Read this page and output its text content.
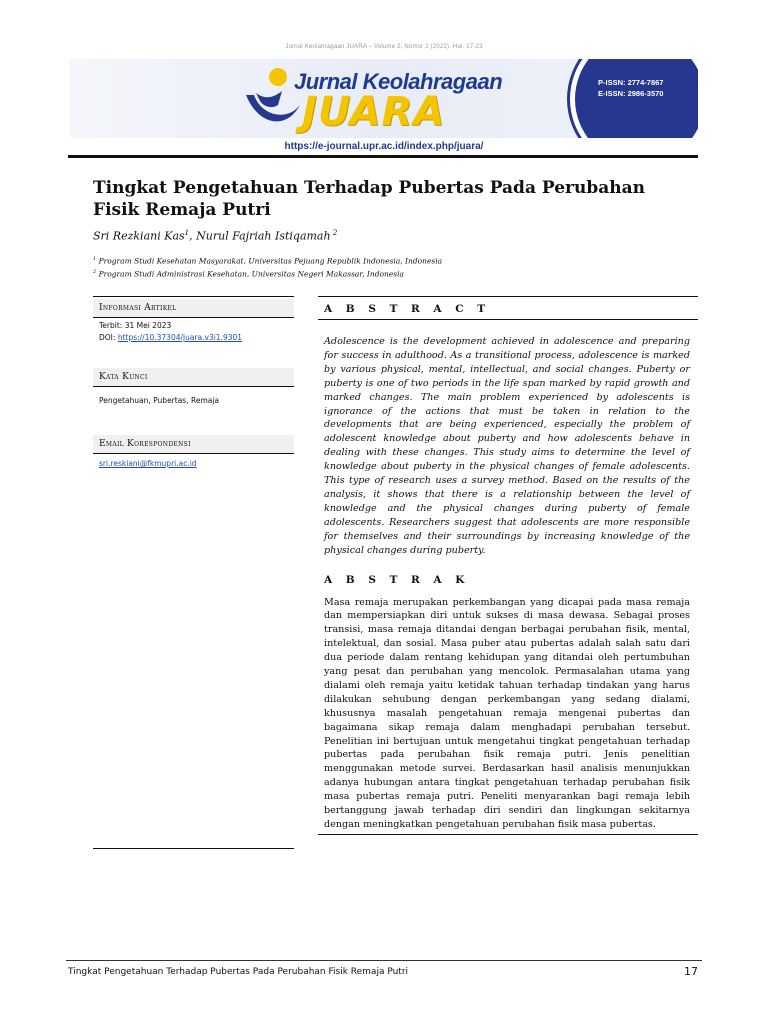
Jurnal Keolahragaan JUARA – Volume 2, Nomor 2 (2022). Hal. 17-23
Jurnal Keolahragaan
JUARA
P-ISSN: 2774-7867
E-ISSN: 2986-3570
https://e-journal.upr.ac.id/index.php/juara/
Tingkat Pengetahuan Terhadap Pubertas Pada Perubahan
Fisik Remaja Putri
Sri Rezkiani Kas$^1$, Nurul Fajriah Istiqamah $^2$
$^1$ Program Studi Kesehatan Masyarakat, Universitas Pejuang Republik Indonesia, Indonesia
$^2$ Program Studi Administrasi Kesehatan, Universitas Negeri Makassar, Indonesia
Informasi Artikel
Terbit: 31 Mei 2023
DOI: https://10.37304/juara.v3i1.9301
Kata Kunci
Pengetahuan, Pubertas, Remaja
Email Korespondensi
sri.reskiani@fkmupri.ac.id
A B S T R A C T

Adolescence is the development achieved in adolescence and preparing for success in adulthood. As a transitional process, adolescence is marked by various physical, mental, intellectual, and social changes. Puberty or puberty is one of two periods in the life span marked by rapid growth and marked changes. The main problem experienced by adolescents is ignorance of the actions that must be taken in relation to the developments that are being experienced, especially the problem of adolescent knowledge about puberty and how adolescents behave in dealing with these changes. This study aims to determine the level of knowledge about puberty in the physical changes of female adolescents. This type of research uses a survey method. Based on the results of the analysis, it shows that there is a relationship between the level of knowledge and the physical changes during puberty of female adolescents. Researchers suggest that adolescents are more responsible for themselves and their surroundings by increasing knowledge of the physical changes during puberty.

A B S T R A K

Masa remaja merupakan perkembangan yang dicapai pada masa remaja dan mempersiapkan diri untuk sukses di masa dewasa. Sebagai proses transisi, masa remaja ditandai dengan berbagai perubahan fisik, mental, intelektual, dan sosial. Masa puber atau pubertas adalah salah satu dari dua periode dalam rentang kehidupan yang ditandai oleh pertumbuhan yang pesat dan perubahan yang mencolok. Permasalahan utama yang dialami oleh remaja yaitu ketidak tahuan terhadap tindakan yang harus dilakukan sehubung dengan perkembangan yang sedang dialami, khususnya masalah pengetahuan remaja mengenai pubertas dan bagaimana sikap remaja dalam menghadapi perubahan tersebut. Penelitian ini bertujuan untuk mengetahui tingkat pengetahuan terhadap pubertas pada perubahan fisik remaja putri. Jenis penelitian menggunakan metode survei. Berdasarkan hasil analisis menunjukkan adanya hubungan antara tingkat pengetahuan terhadap perubahan fisik masa pubertas remaja putri. Peneliti menyarankan bagi remaja lebih bertanggung jawab terhadap diri sendiri dan lingkungan sekitarnya dengan meningkatkan pengetahuan perubahan fisik masa pubertas.

Tingkat Pengetahuan Terhadap Pubertas Pada Perubahan Fisik Remaja Putri	17
